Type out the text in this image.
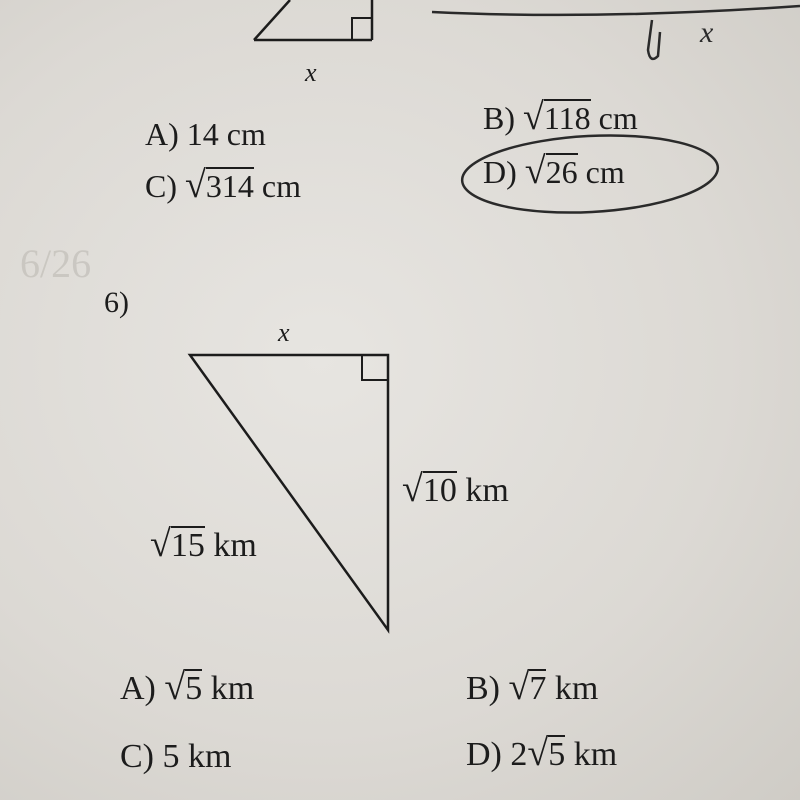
6/26
x
x
A) 14 cm
C) √314 cm
B) √118 cm
D) √26 cm
6)
x
√10 km
√15 km
A) √5 km
C) 5 km
B) √7 km
D) 2√5 km
